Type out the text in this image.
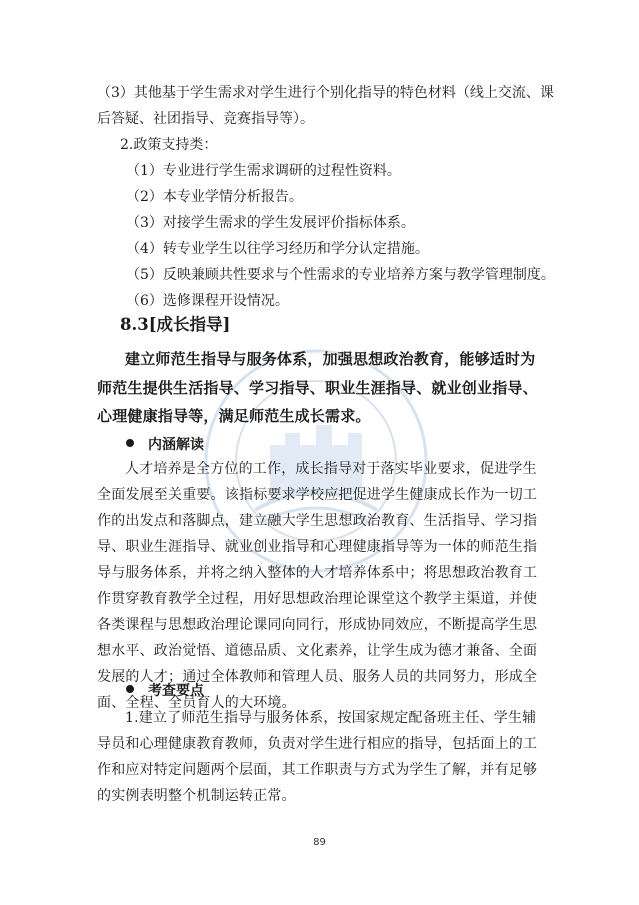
（3）其他基于学生需求对学生进行个别化指导的特色材料（线上交流、课
后答疑、社团指导、竞赛指导等）。
2.政策支持类：
（1）专业进行学生需求调研的过程性资料。
（2）本专业学情分析报告。
（3）对接学生需求的学生发展评价指标体系。
（4）转专业学生以往学习经历和学分认定措施。
（5）反映兼顾共性要求与个性需求的专业培养方案与教学管理制度。
（6）选修课程开设情况。
8.3[成长指导]
建立师范生指导与服务体系，加强思想政治教育，能够适时为师范生提供生活指导、学习指导、职业生涯指导、就业创业指导、心理健康指导等，满足师范生成长需求。
内涵解读
人才培养是全方位的工作，成长指导对于落实毕业要求，促进学生全面发展至关重要。该指标要求学校应把促进学生健康成长作为一切工作的出发点和落脚点，建立融大学生思想政治教育、生活指导、学习指导、职业生涯指导、就业创业指导和心理健康指导等为一体的师范生指导与服务体系，并将之纳入整体的人才培养体系中；将思想政治教育工作贯穿教育教学全过程，用好思想政治理论课堂这个教学主渠道，并使各类课程与思想政治理论课同向同行，形成协同效应，不断提高学生思想水平、政治觉悟、道德品质、文化素养，让学生成为德才兼备、全面发展的人才；通过全体教师和管理人员、服务人员的共同努力，形成全面、全程、全员育人的大环境。
考查要点
1.建立了师范生指导与服务体系，按国家规定配备班主任、学生辅导员和心理健康教育教师，负责对学生进行相应的指导，包括面上的工作和应对特定问题两个层面，其工作职责与方式为学生了解，并有足够的实例表明整个机制运转正常。
89
